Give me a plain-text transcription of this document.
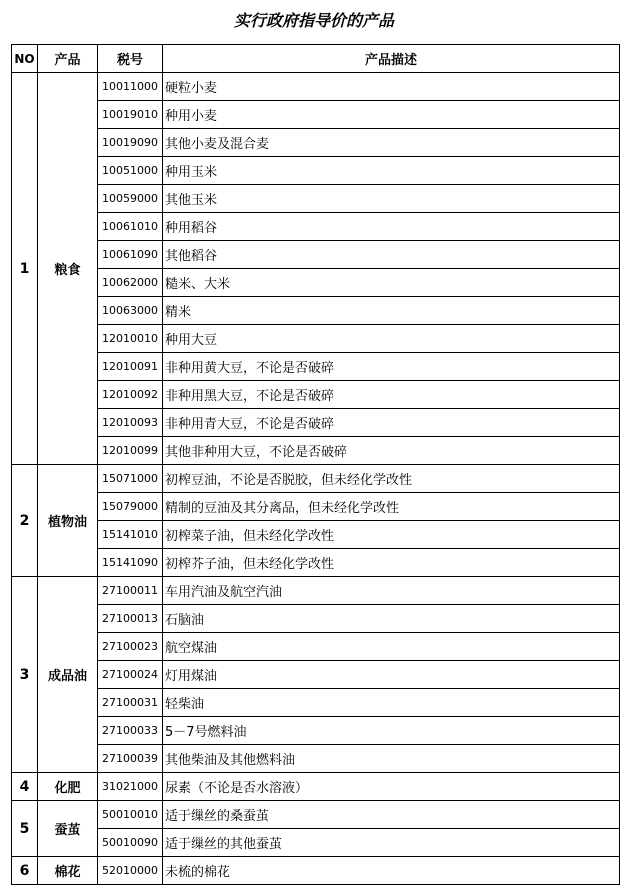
实行政府指导价的产品
NO	产品	税号	产品描述
1	粮食	10011000	硬粒小麦
		10019010	种用小麦
		10019090	其他小麦及混合麦
		10051000	种用玉米
		10059000	其他玉米
		10061010	种用稻谷
		10061090	其他稻谷
		10062000	糙米、大米
		10063000	精米
		12010010	种用大豆
		12010091	非种用黄大豆，不论是否破碎
		12010092	非种用黑大豆，不论是否破碎
		12010093	非种用青大豆，不论是否破碎
		12010099	其他非种用大豆，不论是否破碎
2	植物油	15071000	初榨豆油，不论是否脱胶，但未经化学改性
		15079000	精制的豆油及其分离品，但未经化学改性
		15141010	初榨菜子油，但未经化学改性
		15141090	初榨芥子油，但未经化学改性
3	成品油	27100011	车用汽油及航空汽油
		27100013	石脑油
		27100023	航空煤油
		27100024	灯用煤油
		27100031	轻柴油
		27100033	5－7号燃料油
		27100039	其他柴油及其他燃料油
4	化肥	31021000	尿素（不论是否水溶液）
5	蚕茧	50010010	适于缫丝的桑蚕茧
		50010090	适于缫丝的其他蚕茧
6	棉花	52010000	未梳的棉花
